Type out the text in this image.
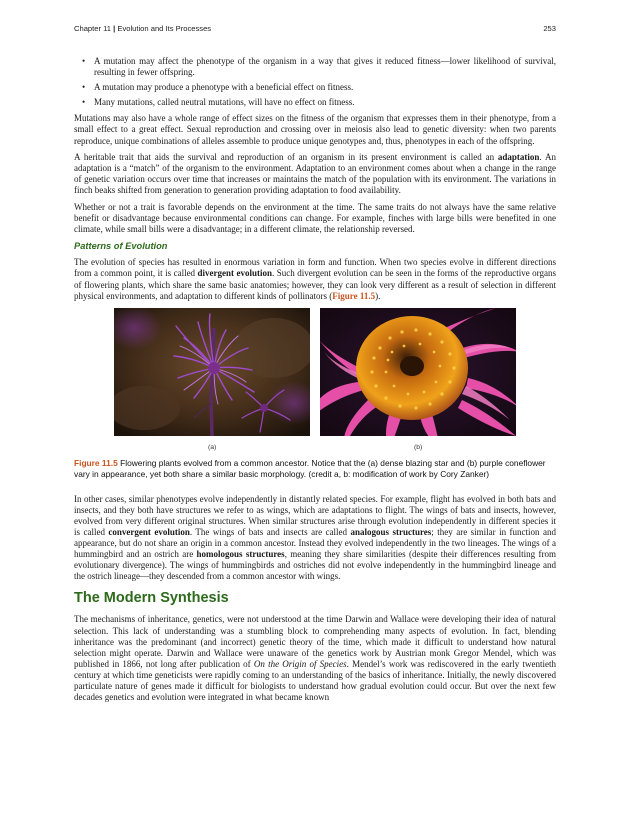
Chapter 11 | Evolution and Its Processes	253
• A mutation may affect the phenotype of the organism in a way that gives it reduced fitness—lower likelihood of survival, resulting in fewer offspring.
• A mutation may produce a phenotype with a beneficial effect on fitness.
• Many mutations, called neutral mutations, will have no effect on fitness.

Mutations may also have a whole range of effect sizes on the fitness of the organism that expresses them in their phenotype, from a small effect to a great effect. Sexual reproduction and crossing over in meiosis also lead to genetic diversity: when two parents reproduce, unique combinations of alleles assemble to produce unique genotypes and, thus, phenotypes in each of the offspring.

A heritable trait that aids the survival and reproduction of an organism in its present environment is called an adaptation. An adaptation is a “match” of the organism to the environment. Adaptation to an environment comes about when a change in the range of genetic variation occurs over time that increases or maintains the match of the population with its environment. The variations in finch beaks shifted from generation to generation providing adaptation to food availability.

Whether or not a trait is favorable depends on the environment at the time. The same traits do not always have the same relative benefit or disadvantage because environmental conditions can change. For example, finches with large bills were benefited in one climate, while small bills were a disadvantage; in a different climate, the relationship reversed.

Patterns of Evolution

The evolution of species has resulted in enormous variation in form and function. When two species evolve in different directions from a common point, it is called divergent evolution. Such divergent evolution can be seen in the forms of the reproductive organs of flowering plants, which share the same basic anatomies; however, they can look very different as a result of selection in different physical environments, and adaptation to different kinds of pollinators (Figure 11.5).

(a)	(b)

Figure 11.5 Flowering plants evolved from a common ancestor. Notice that the (a) dense blazing star and (b) purple coneflower vary in appearance, yet both share a similar basic morphology. (credit a, b: modification of work by Cory Zanker)

In other cases, similar phenotypes evolve independently in distantly related species. For example, flight has evolved in both bats and insects, and they both have structures we refer to as wings, which are adaptations to flight. The wings of bats and insects, however, evolved from very different original structures. When similar structures arise through evolution independently in different species it is called convergent evolution. The wings of bats and insects are called analogous structures; they are similar in function and appearance, but do not share an origin in a common ancestor. Instead they evolved independently in the two lineages. The wings of a hummingbird and an ostrich are homologous structures, meaning they share similarities (despite their differences resulting from evolutionary divergence). The wings of hummingbirds and ostriches did not evolve independently in the hummingbird lineage and the ostrich lineage—they descended from a common ancestor with wings.

The Modern Synthesis

The mechanisms of inheritance, genetics, were not understood at the time Darwin and Wallace were developing their idea of natural selection. This lack of understanding was a stumbling block to comprehending many aspects of evolution. In fact, blending inheritance was the predominant (and incorrect) genetic theory of the time, which made it difficult to understand how natural selection might operate. Darwin and Wallace were unaware of the genetics work by Austrian monk Gregor Mendel, which was published in 1866, not long after publication of On the Origin of Species. Mendel’s work was rediscovered in the early twentieth century at which time geneticists were rapidly coming to an understanding of the basics of inheritance. Initially, the newly discovered particulate nature of genes made it difficult for biologists to understand how gradual evolution could occur. But over the next few decades genetics and evolution were integrated in what became known
